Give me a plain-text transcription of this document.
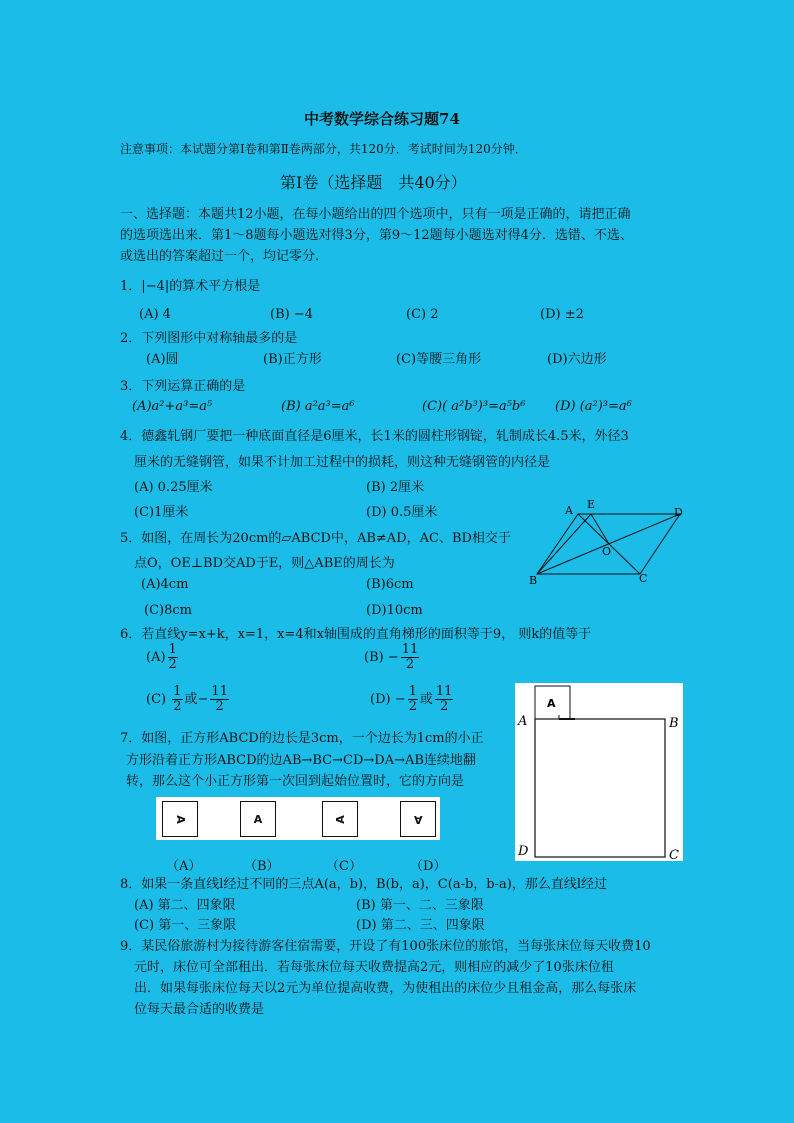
中考数学综合练习题74
注意事项：本试题分第Ⅰ卷和第Ⅱ卷两部分，共120分．考试时间为120分钟．
第Ⅰ卷（选择题　共40分）
一、选择题：本题共12小题，在每小题给出的四个选项中，只有一项是正确的，请把正确
的选项选出来．第1～8题每小题选对得3分，第9～12题每小题选对得4分．选错、不选、
或选出的答案超过一个，均记零分．
1．|−4|的算术平方根是
(A) 4	(B) −4	(C) 2	(D) ±2
2．下列图形中对称轴最多的是
(A)圆	(B)正方形	(C)等腰三角形	(D)六边形
3．下列运算正确的是
(A)a²+a³=a⁵	(B) a²a³=a⁶	(C)( a²b³)³=a⁵b⁶ (D) (a²)³=a⁶
4．德鑫轧钢厂要把一种底面直径是6厘米，长1米的圆柱形钢锭，轧制成长4.5米，外径3
厘米的无缝钢管，如果不计加工过程中的损耗，则这种无缝钢管的内径是
(A) 0.25厘米	(B) 2厘米
(C)1厘米	(D) 0.5厘米
5．如图，在周长为20cm的▱ABCD中，AB≠AD，AC、BD相交于
点O，OE⊥BD交AD于E，则△ABE的周长为
(A)4cm	(B)6cm
(C)8cm	(D)10cm
A E
D
O
B	C
6．若直线y=x+k，x=1，x=4和x轴围成的直角梯形的面积等于9， 则k的值等于
$(A) \frac{1}{2}$	$(B) - \frac{11}{2}$
$(C) \frac{1}{2}$ 或− $\frac{11}{2}$	$(D) - \frac{1}{2}$ 或 $\frac{11}{2}$
7．如图，正方形ABCD的边长是3cm，一个边长为1cm的小正
方形沿着正方形ABCD的边AB→BC→CD→DA→AB连续地翻
转，那么这个小正方形第一次回到起始位置时，它的方向是
A	A	A	A
（A）	（B）	（C）	（D）
A
A	B
C
D
8．如果一条直线l经过不同的三点A(a，b)，B(b，a)，C(a-b，b-a)，那么直线l经过
(A) 第二、四象限	(B) 第一、二、三象限
(C) 第一、三象限	(D) 第二、三、四象限
9．某民俗旅游村为接待游客住宿需要，开设了有100张床位的旅馆，当每张床位每天收费10
元时，床位可全部租出．若每张床位每天收费提高2元，则相应的减少了10张床位租
出．如果每张床位每天以2元为单位提高收费，为使租出的床位少且租金高，那么每张床
位每天最合适的收费是
